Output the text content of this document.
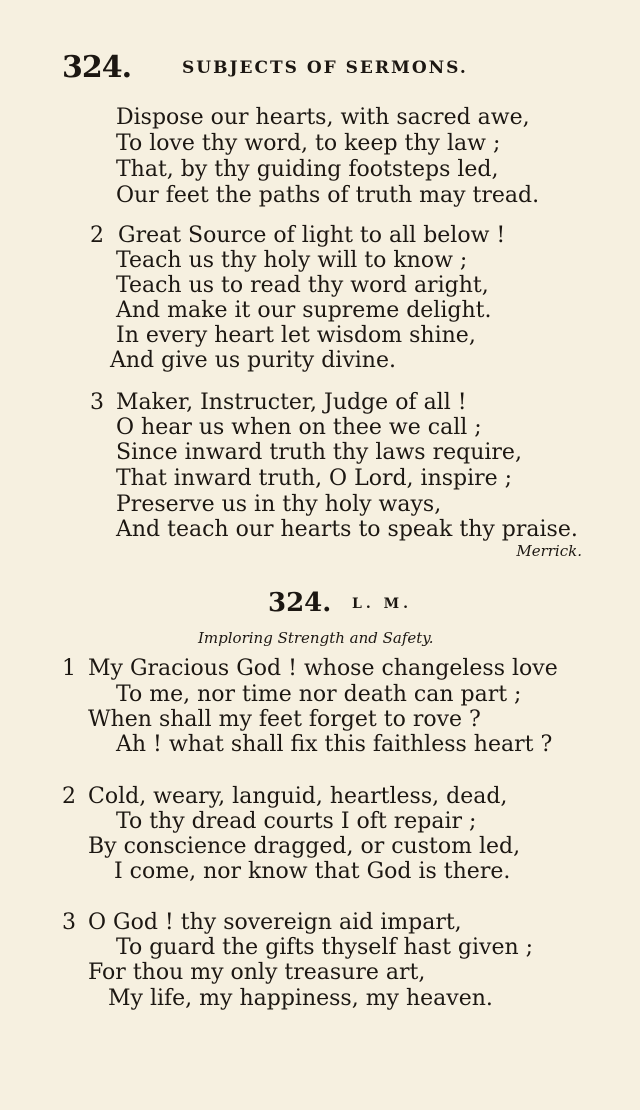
324.	SUBJECTS OF SERMONS.
Dispose our hearts, with sacred awe,
To love thy word, to keep thy law ;
That, by thy guiding footsteps led,
Our feet the paths of truth may tread.
2 Great Source of light to all below !
Teach us thy holy will to know ;
Teach us to read thy word aright,
And make it our supreme delight.
In every heart let wisdom shine,
And give us purity divine.
3 Maker, Instructer, Judge of all !
O hear us when on thee we call ;
Since inward truth thy laws require,
That inward truth, O Lord, inspire ;
Preserve us in thy holy ways,
And teach our hearts to speak thy praise.
Merrick.
324. L. M.
Imploring Strength and Safety.
1 My Gracious God ! whose changeless love
To me, nor time nor death can part ;
When shall my feet forget to rove ?
Ah ! what shall fix this faithless heart ?
2 Cold, weary, languid, heartless, dead,
To thy dread courts I oft repair ;
By conscience dragged, or custom led,
I come, nor know that God is there.
3 O God ! thy sovereign aid impart,
To guard the gifts thyself hast given ;
For thou my only treasure art,
My life, my happiness, my heaven.
